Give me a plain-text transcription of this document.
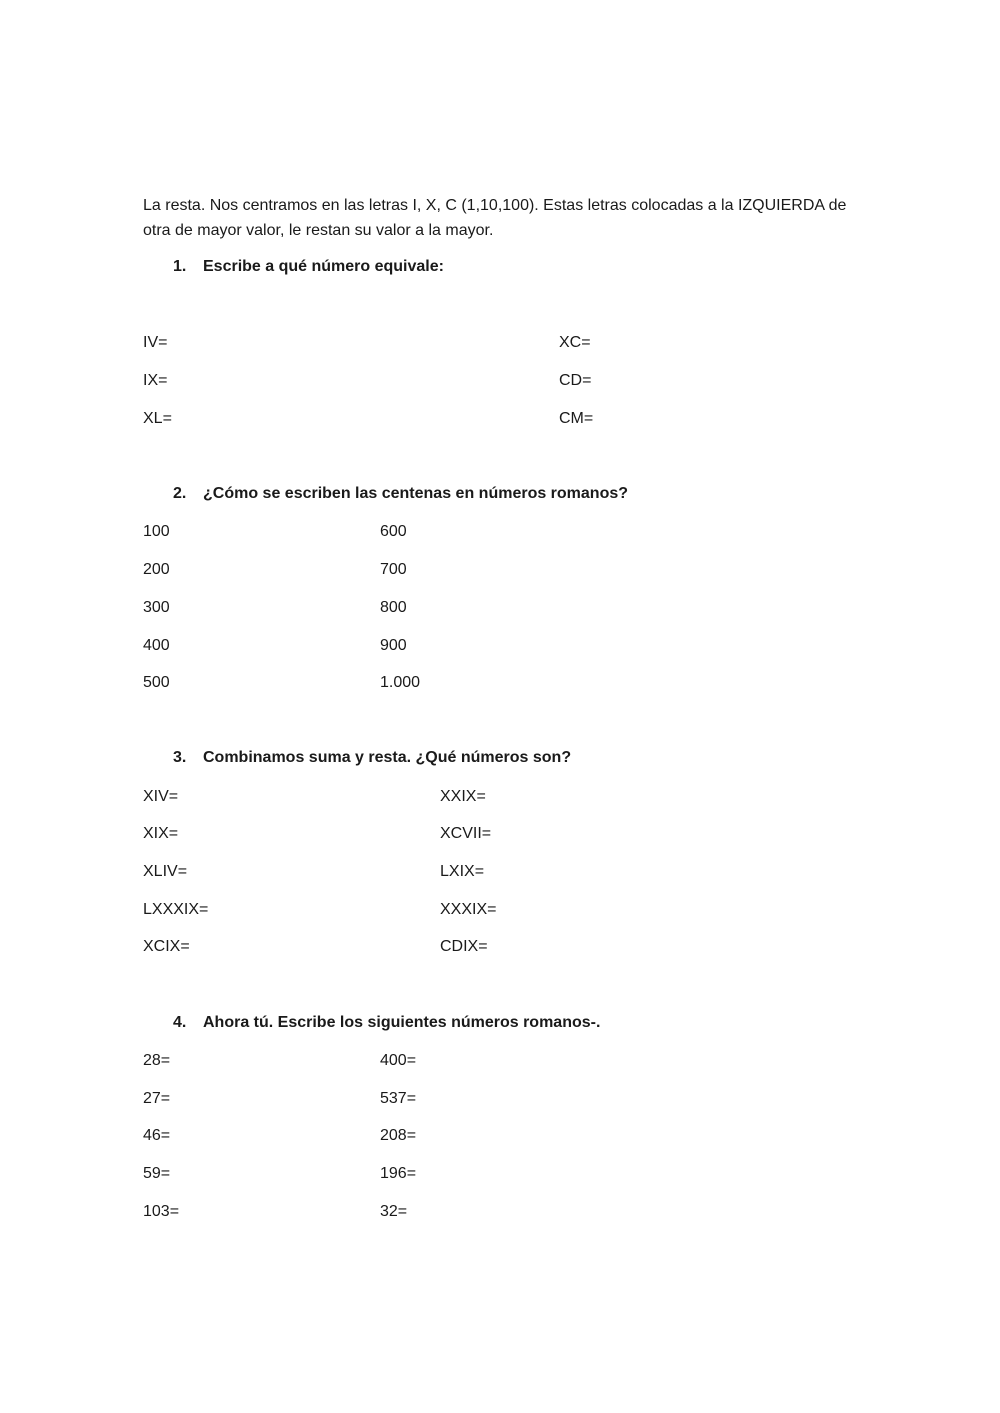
La resta. Nos centramos en las letras I, X, C (1,10,100). Estas letras colocadas a la IZQUIERDA de
otra de mayor valor, le restan su valor a la mayor.
1. Escribe a qué número equivale:
IV=
IX=
XL=
XC=
CD=
CM=
2. ¿Cómo se escriben las centenas en números romanos?
100
200
300
400
500
600
700
800
900
1.000
3. Combinamos suma y resta. ¿Qué números son?
XIV=
XIX=
XLIV=
LXXXIX=
XCIX=
XXIX=
XCVII=
LXIX=
XXXIX=
CDIX=
4. Ahora tú. Escribe los siguientes números romanos-.
28=
27=
46=
59=
103=
400=
537=
208=
196=
32=
